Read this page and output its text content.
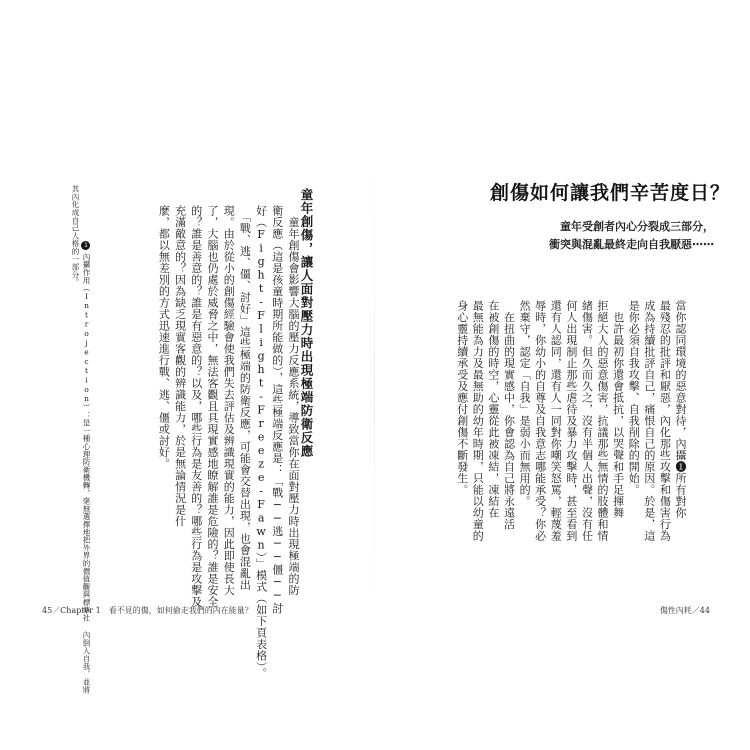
童年創傷，讓人面對壓力時出現極端防衛反應
　童年創傷會影響大腦的壓力反應系統，導致當你在面對壓力時出現極端的防
衛反應（這是孩童時期所能做的），這些極端反應是：「戰──逃──僵──討
好（Fight-Flight-Freeze-Fawn）」模式（如下頁表格）。
　「戰、逃、僵、討好」這些極端的防衛反應，可能會交替出現，也會混亂出
現。由於從小的創傷經驗會使我們失去評估及辨識現實的能力，因此即使長大
了，大腦也仍處於威脅之中，無法客觀且具現實感地瞭解誰是危險的？誰是安全
的？誰是善意的？誰是有惡意的？以及，哪些行為是友善的？哪些行為是攻擊及
充滿敵意的？因為缺乏現實客觀的辨識能力，於是無論情況是什
麼，都以無差別的方式迅速進行戰、逃、僵或討好。

1內攝作用（Introjection）：是一種心理防衛機轉，毫無選擇地把外界的價值觀與標準社 內倒入自我，並將
其內化成自己人格的一部分。

45／Chapter 1　看不見的傷，如何偷走我們的內在能量？
創傷如何讓我們辛苦度日？
童年受創者內心分裂成三部分，
衝突與混亂最終走向自我厭惡⋯⋯
當你認同環境的惡意對待，內攝❶所有對你
最殘忍的批評和厭惡，內化那些攻擊和傷害行為
成為持續批評自己，痛恨自己的原因。於是，這
是你必須自我攻擊、自我削除的開始。
　也許最初你還會抵抗，以哭聲和手足揮舞
拒絕大人的惡意傷害，抗議那些無情的肢體和情
緒傷害。但久而久之，沒有半個人出聲，沒有任
何人出現制止那些虐待及暴力攻擊時，甚至看到
還有人認同，還有人一同對你嘲笑怒罵，輕蔑羞
辱時，你幼小的自尊及自我意志哪能承受？你必
然棄守，認定「自我」是弱小而無用的。
　在扭曲的現實感中，你會認為自己將永遠活
在被創傷的時空，心靈從此被凍結，凍結在
最無能為力及最無助的幼年時期，只能以幼童的
身心靈持續承受及應付創傷不斷發生。
傷性內耗／44
